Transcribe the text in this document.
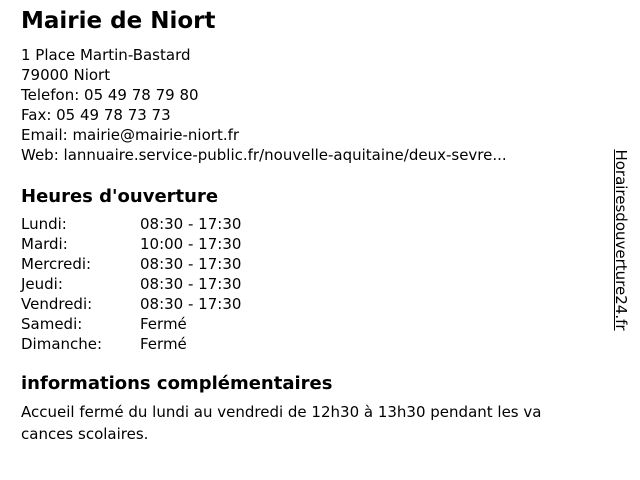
Mairie de Niort
1 Place Martin-Bastard
79000 Niort
Telefon: 05 49 78 79 80
Fax: 05 49 78 73 73
Email: mairie@mairie-niort.fr
Web: lannuaire.service-public.fr/nouvelle-aquitaine/deux-sevre...
Heures d'ouverture
Lundi:	08:30 - 17:30
Mardi:	10:00 - 17:30
Mercredi:	08:30 - 17:30
Jeudi:	08:30 - 17:30
Vendredi:	08:30 - 17:30
Samedi:	Fermé
Dimanche:	Fermé
informations complémentaires

Accueil fermé du lundi au vendredi de 12h30 à 13h30 pendant les vacances scolaires.

Horairesdouverture24.fr
